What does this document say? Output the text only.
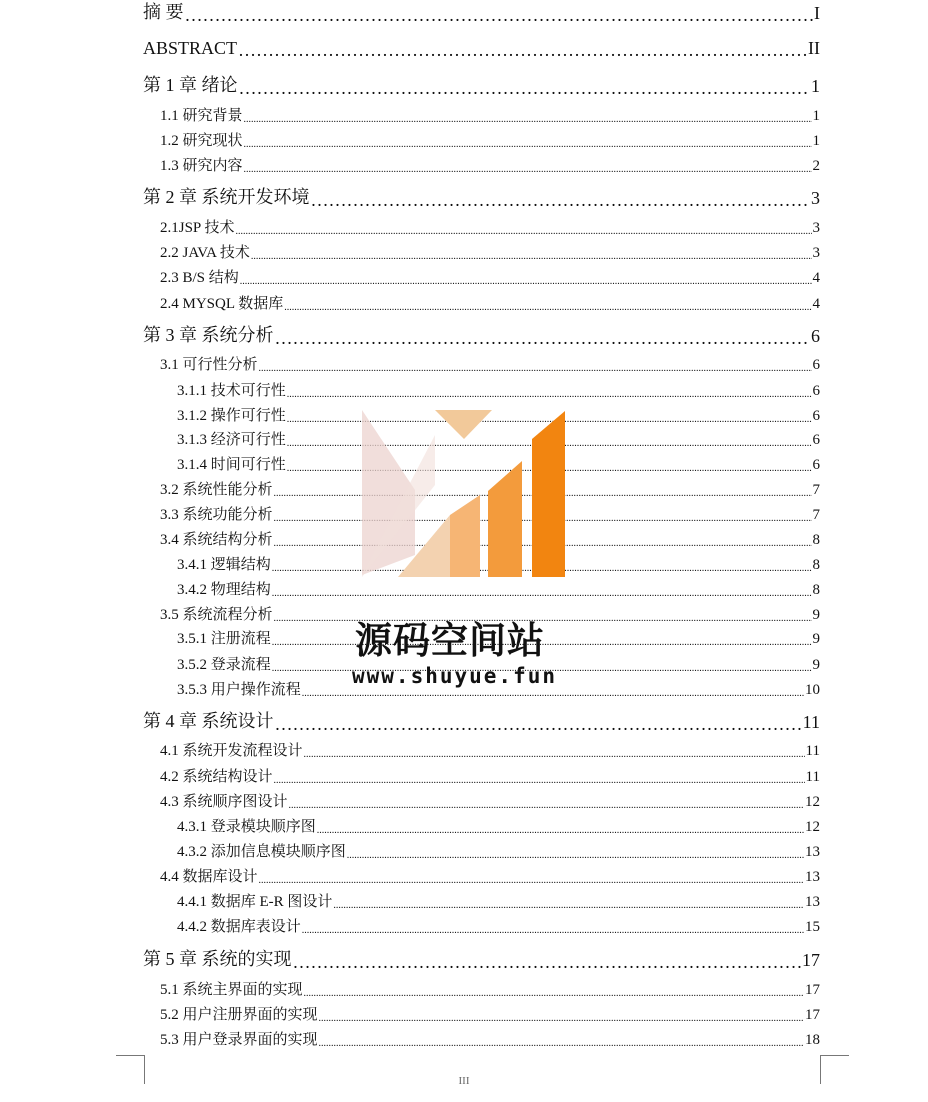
摘 要 …………………………………………………………………………………………………………………………………………	I
ABSTRACT …………………………………………………………………………………………………………………………………………	II
第 1 章 绪论 …………………………………………………………………………………………………………………………………………	1
1.1 研究背景 .....	1
1.2 研究现状 .....	1
1.3 研究内容 .....	2
第 2 章 系统开发环境 …………………………………………………………………………………………………………………………………………	3
2.1JSP 技术 .....	3
2.2 JAVA 技术 .....	3
2.3 B/S 结构 .....	4
2.4 MYSQL 数据库 .....	4
第 3 章 系统分析 …………………………………………………………………………………………………………………………………………	6
3.1 可行性分析 .....	6
3.1.1 技术可行性 .....	6
3.1.2 操作可行性 .....	6
3.1.3 经济可行性 .....	6
3.1.4 时间可行性 .....	6
3.2 系统性能分析 .....	7
3.3 系统功能分析 .....	7
3.4 系统结构分析 .....	8
3.4.1 逻辑结构 .....	8
3.4.2 物理结构 .....	8
3.5 系统流程分析 .....	9
3.5.1 注册流程 .....	9
3.5.2 登录流程 .....	9
3.5.3 用户操作流程 .....	10
第 4 章 系统设计 …………………………………………………………………………………………………………………………………………	11
4.1 系统开发流程设计 .....	11
4.2 系统结构设计 .....	11
4.3 系统顺序图设计 .....	12
4.3.1 登录模块顺序图 .....	12
4.3.2 添加信息模块顺序图 .....	13
4.4 数据库设计 .....	13
4.4.1 数据库 E-R 图设计 .....	13
4.4.2 数据库表设计 .....	15
第 5 章 系统的实现 …………………………………………………………………………………………………………………………………………	17
5.1 系统主界面的实现 .....	17
5.2 用户注册界面的实现 .....	17
5.3 用户登录界面的实现 .....	18
源码空间站
www.shuyue.fun
III
